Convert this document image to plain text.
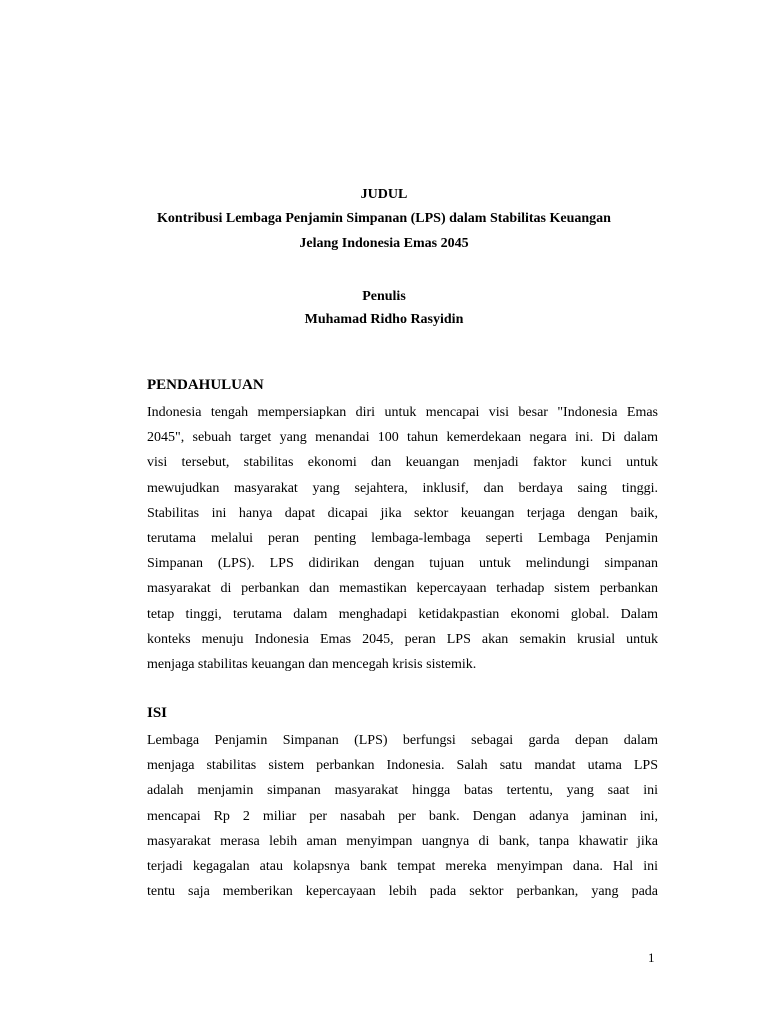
JUDUL

Kontribusi Lembaga Penjamin Simpanan (LPS) dalam Stabilitas Keuangan

Jelang Indonesia Emas 2045

Penulis

Muhamad Ridho Rasyidin

PENDAHULUAN
Indonesia tengah mempersiapkan diri untuk mencapai visi besar "Indonesia Emas
2045", sebuah target yang menandai 100 tahun kemerdekaan negara ini. Di dalam
visi tersebut, stabilitas ekonomi dan keuangan menjadi faktor kunci untuk
mewujudkan masyarakat yang sejahtera, inklusif, dan berdaya saing tinggi.
Stabilitas ini hanya dapat dicapai jika sektor keuangan terjaga dengan baik,
terutama melalui peran penting lembaga-lembaga seperti Lembaga Penjamin
Simpanan (LPS). LPS didirikan dengan tujuan untuk melindungi simpanan
masyarakat di perbankan dan memastikan kepercayaan terhadap sistem perbankan
tetap tinggi, terutama dalam menghadapi ketidakpastian ekonomi global. Dalam
konteks menuju Indonesia Emas 2045, peran LPS akan semakin krusial untuk
menjaga stabilitas keuangan dan mencegah krisis sistemik.
ISI
Lembaga Penjamin Simpanan (LPS) berfungsi sebagai garda depan dalam
menjaga stabilitas sistem perbankan Indonesia. Salah satu mandat utama LPS
adalah menjamin simpanan masyarakat hingga batas tertentu, yang saat ini
mencapai Rp 2 miliar per nasabah per bank. Dengan adanya jaminan ini,
masyarakat merasa lebih aman menyimpan uangnya di bank, tanpa khawatir jika
terjadi kegagalan atau kolapsnya bank tempat mereka menyimpan dana. Hal ini
tentu saja memberikan kepercayaan lebih pada sektor perbankan, yang pada

1
